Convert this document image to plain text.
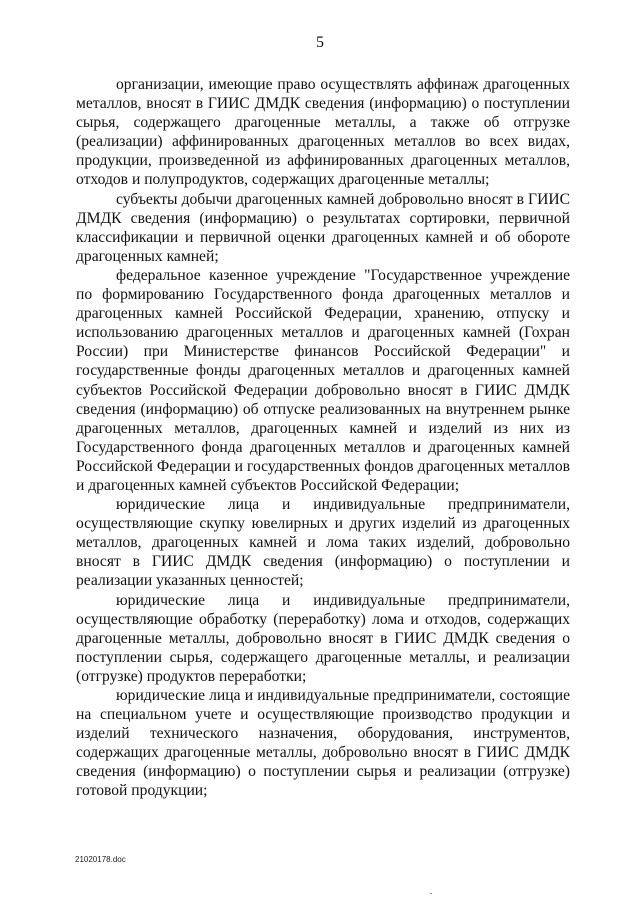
5

организации, имеющие право осуществлять аффинаж драгоценных металлов, вносят в ГИИС ДМДК сведения (информацию) о поступлении сырья, содержащего драгоценные металлы, а также об отгрузке (реализации) аффинированных драгоценных металлов во всех видах, продукции, произведенной из аффинированных драгоценных металлов, отходов и полупродуктов, содержащих драгоценные металлы;

субъекты добычи драгоценных камней добровольно вносят в ГИИС ДМДК сведения (информацию) о результатах сортировки, первичной классификации и первичной оценки драгоценных камней и об обороте драгоценных камней;

федеральное казенное учреждение "Государственное учреждение по формированию Государственного фонда драгоценных металлов и драгоценных камней Российской Федерации, хранению, отпуску и использованию драгоценных металлов и драгоценных камней (Гохран России) при Министерстве финансов Российской Федерации" и государственные фонды драгоценных металлов и драгоценных камней субъектов Российской Федерации добровольно вносят в ГИИС ДМДК сведения (информацию) об отпуске реализованных на внутреннем рынке драгоценных металлов, драгоценных камней и изделий из них из Государственного фонда драгоценных металлов и драгоценных камней Российской Федерации и государственных фондов драгоценных металлов и драгоценных камней субъектов Российской Федерации;

юридические лица и индивидуальные предприниматели, осуществляющие скупку ювелирных и других изделий из драгоценных металлов, драгоценных камней и лома таких изделий, добровольно вносят в ГИИС ДМДК сведения (информацию) о поступлении и реализации указанных ценностей;

юридические лица и индивидуальные предприниматели, осуществляющие обработку (переработку) лома и отходов, содержащих драгоценные металлы, добровольно вносят в ГИИС ДМДК сведения о поступлении сырья, содержащего драгоценные металлы, и реализации (отгрузке) продуктов переработки;

юридические лица и индивидуальные предприниматели, состоящие на специальном учете и осуществляющие производство продукции и изделий технического назначения, оборудования, инструментов, содержащих драгоценные металлы, добровольно вносят в ГИИС ДМДК сведения (информацию) о поступлении сырья и реализации (отгрузке) готовой продукции;

21020178.doc
